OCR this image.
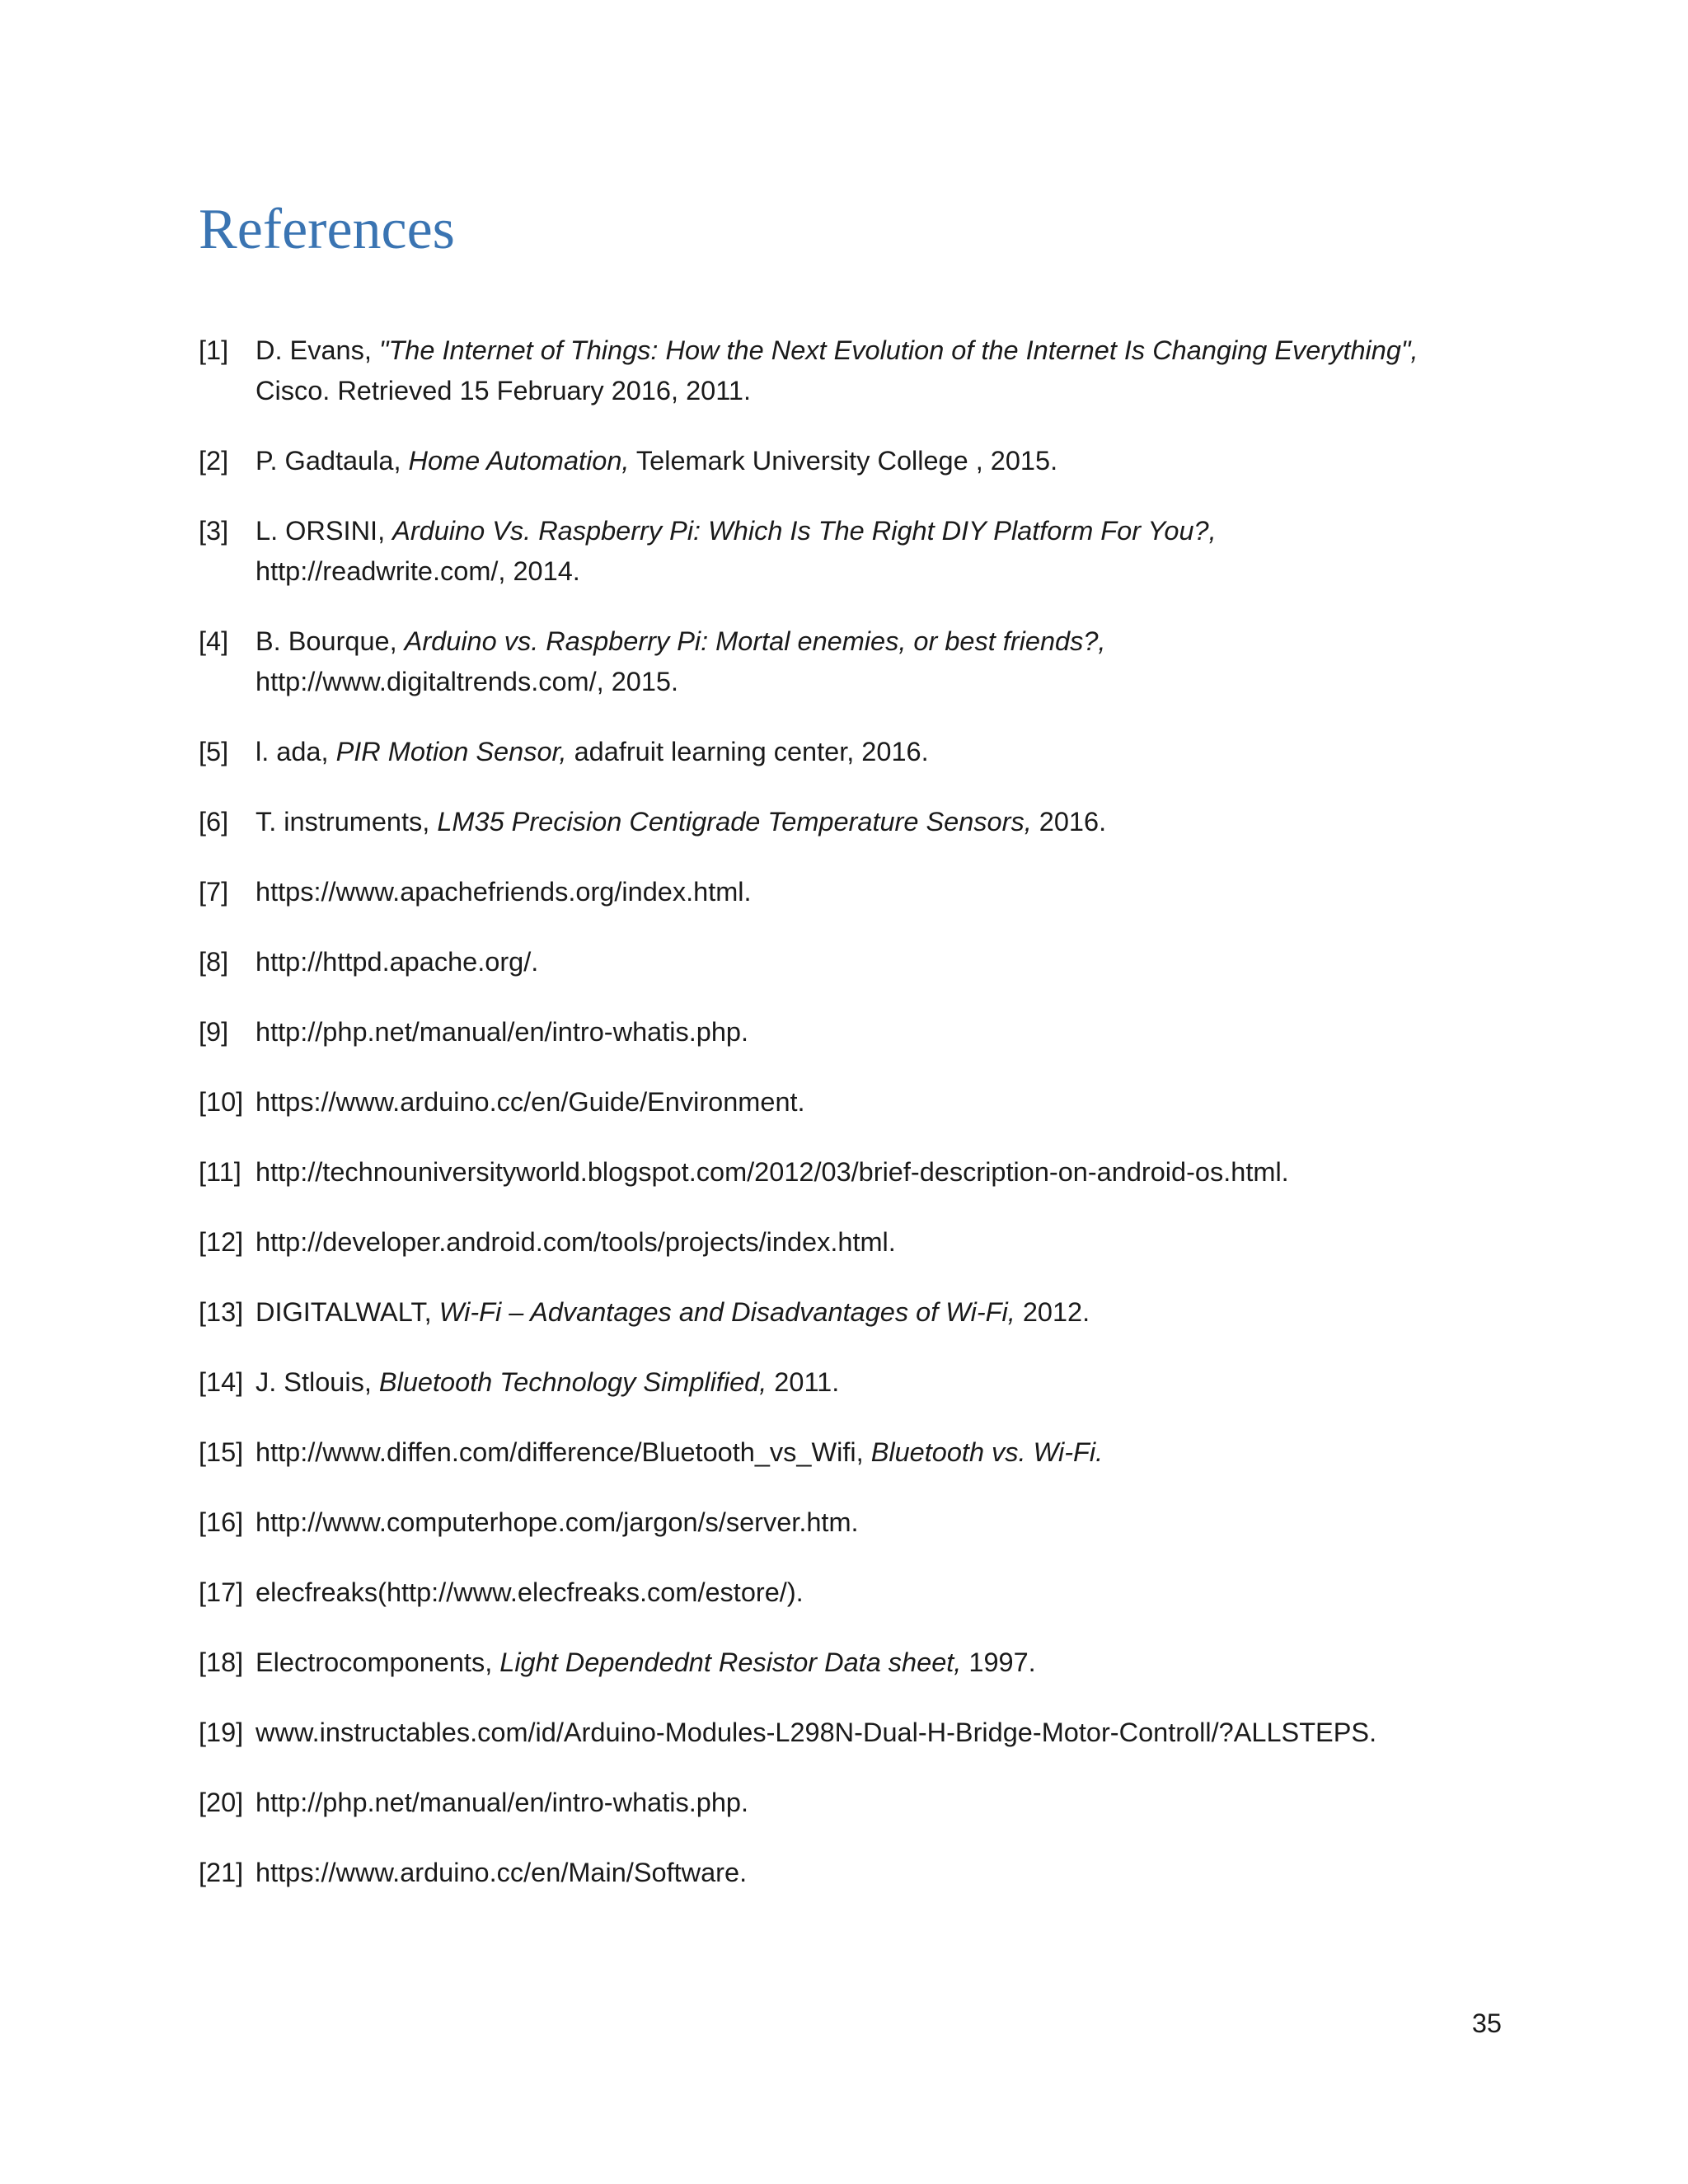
References
[1] D. Evans, "The Internet of Things: How the Next Evolution of the Internet Is Changing Everything",
Cisco. Retrieved 15 February 2016, 2011.
[2] P. Gadtaula, Home Automation, Telemark University College , 2015.
[3] L. ORSINI, Arduino Vs. Raspberry Pi: Which Is The Right DIY Platform For You?,
http://readwrite.com/, 2014.
[4] B. Bourque, Arduino vs. Raspberry Pi: Mortal enemies, or best friends?,
http://www.digitaltrends.com/, 2015.
[5] l. ada, PIR Motion Sensor, adafruit learning center, 2016.
[6] T. instruments, LM35 Precision Centigrade Temperature Sensors, 2016.
[7] https://www.apachefriends.org/index.html.
[8] http://httpd.apache.org/.
[9] http://php.net/manual/en/intro-whatis.php.
[10] https://www.arduino.cc/en/Guide/Environment.
[11] http://technouniversityworld.blogspot.com/2012/03/brief-description-on-android-os.html.
[12] http://developer.android.com/tools/projects/index.html.
[13] DIGITALWALT, Wi-Fi – Advantages and Disadvantages of Wi-Fi, 2012.
[14] J. Stlouis, Bluetooth Technology Simplified, 2011.
[15] http://www.diffen.com/difference/Bluetooth_vs_Wifi, Bluetooth vs. Wi-Fi.
[16] http://www.computerhope.com/jargon/s/server.htm.
[17] elecfreaks(http://www.elecfreaks.com/estore/).
[18] Electrocomponents, Light Dependednt Resistor Data sheet, 1997.
[19] www.instructables.com/id/Arduino-Modules-L298N-Dual-H-Bridge-Motor-Controll/?ALLSTEPS.
[20] http://php.net/manual/en/intro-whatis.php.
[21] https://www.arduino.cc/en/Main/Software.
35
